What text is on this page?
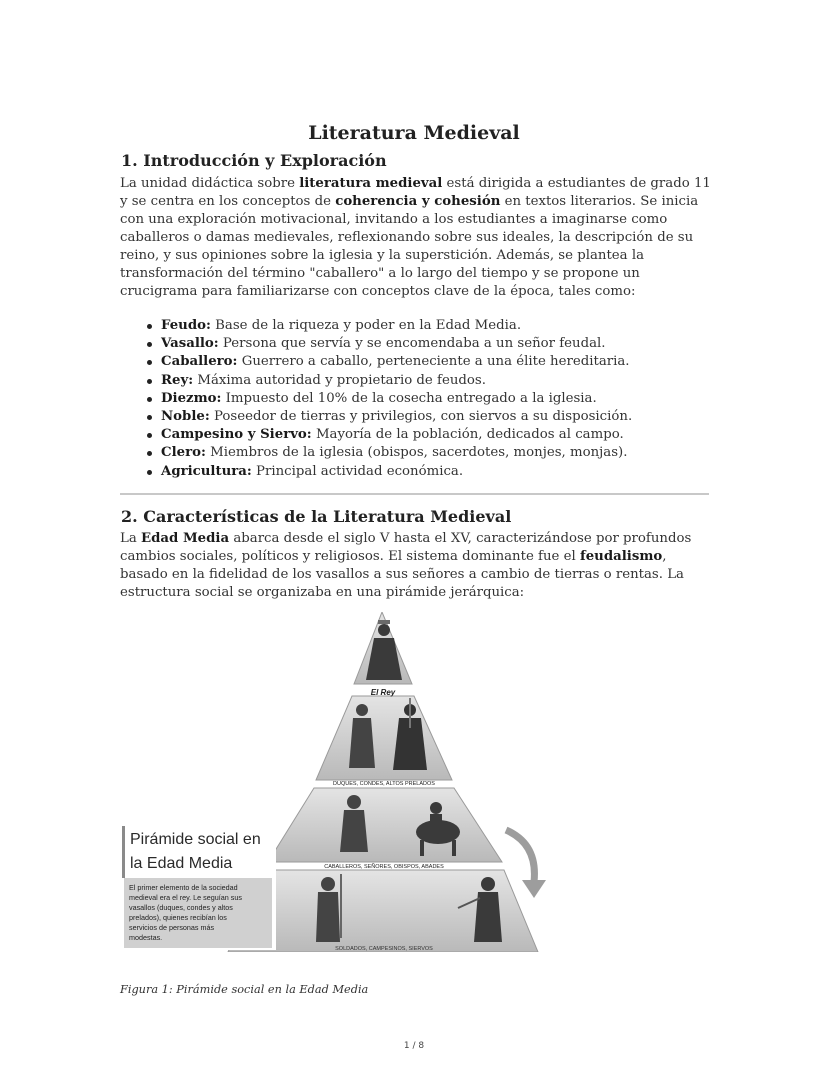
Literatura Medieval
1. Introducción y Exploración
La unidad didáctica sobre literatura medieval está dirigida a estudiantes de grado 11 y se centra en los conceptos de coherencia y cohesión en textos literarios. Se inicia con una exploración motivacional, invitando a los estudiantes a imaginarse como caballeros o damas medievales, reflexionando sobre sus ideales, la descripción de su reino, y sus opiniones sobre la iglesia y la superstición. Además, se plantea la transformación del término "caballero" a lo largo del tiempo y se propone un crucigrama para familiarizarse con conceptos clave de la época, tales como:
Feudo: Base de la riqueza y poder en la Edad Media.
Vasallo: Persona que servía y se encomendaba a un señor feudal.
Caballero: Guerrero a caballo, perteneciente a una élite hereditaria.
Rey: Máxima autoridad y propietario de feudos.
Diezmo: Impuesto del 10% de la cosecha entregado a la iglesia.
Noble: Poseedor de tierras y privilegios, con siervos a su disposición.
Campesino y Siervo: Mayoría de la población, dedicados al campo.
Clero: Miembros de la iglesia (obispos, sacerdotes, monjes, monjas).
Agricultura: Principal actividad económica.
2. Características de la Literatura Medieval
La Edad Media abarca desde el siglo V hasta el XV, caracterizándose por profundos cambios sociales, políticos y religiosos. El sistema dominante fue el feudalismo, basado en la fidelidad de los vasallos a sus señores a cambio de tierras o rentas. La estructura social se organizaba en una pirámide jerárquica:
El Rey
DUQUES, CONDES, ALTOS PRELADOS
CABALLEROS, SEÑORES, OBISPOS, ABADES
SOLDADOS, CAMPESINOS, SIERVOS
Pirámide social en
la Edad Media
El primer elemento de la sociedad medieval era el rey. Le seguían sus vasallos (duques, condes y altos prelados), quienes recibían los servicios de personas más modestas.
Figura 1: Pirámide social en la Edad Media
1 / 8
